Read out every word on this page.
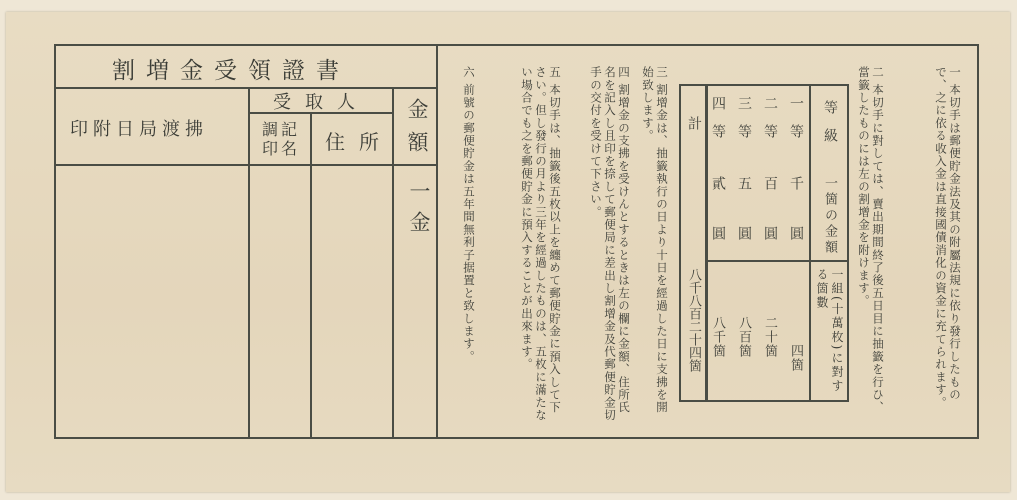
割増金受領證書
印附日局渡拂
受取人
調記印名 住所 金額
一金	一 本切手は郵便貯金法及其の附屬法規に依り發行したもので、之に依る收入金は直接國債消化の資金に充てられます。
二 本切手に對しては、賣出期間終了後五日目に抽籤を行ひ、當籤したものには左の割增金を附けます。
三 割增金は、抽籤執行の日より十日を經過した日に支拂を開始致します。
四 割增金の支拂を受けんとするときは左の欄に金額、住所氏名を記入し且印を捺して郵便局に差出し割增金及代郵便貯金切手の交付を受けて下さい。
五 本切手は、抽籤後五枚以上を纏めて郵便貯金に預入して下さい。但し發行の月より三年を經過したものは、五枚に滿たない場合でも之を郵便貯金に預入することが出來ます。
六 前號の郵便貯金は五年間無利子据置と致します。	等級
一箇の金額
一組(十萬枚)に對する箇數
一等
二等
三等
四等
千圓
百圓
五圓
貳圓
四箇
二十箇
八百箇
八千箇
計
八千八百二十四箇
